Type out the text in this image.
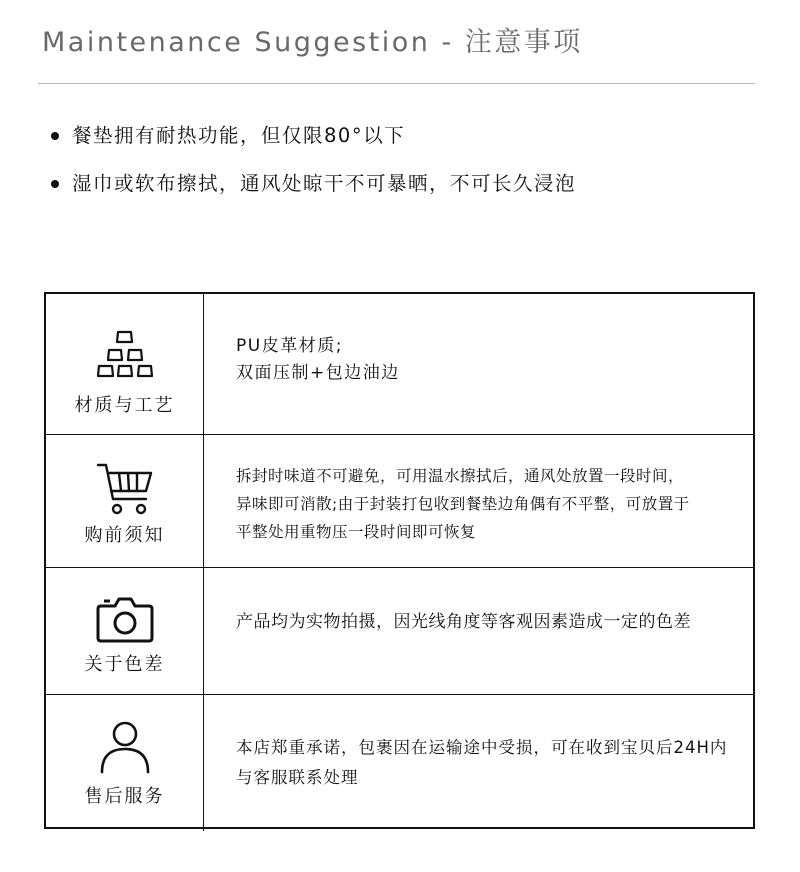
Maintenance Suggestion - 注意事项
餐垫拥有耐热功能，但仅限80°以下
湿巾或软布擦拭，通风处晾干不可暴晒，不可长久浸泡
材质与工艺
PU皮革材质;
双面压制+包边油边
购前须知
拆封时味道不可避免，可用温水擦拭后，通风处放置一段时间，
异味即可消散;由于封装打包收到餐垫边角偶有不平整，可放置于
平整处用重物压一段时间即可恢复
关于色差
产品均为实物拍摄，因光线角度等客观因素造成一定的色差
售后服务
本店郑重承诺，包裹因在运输途中受损，可在收到宝贝后24H内
与客服联系处理
